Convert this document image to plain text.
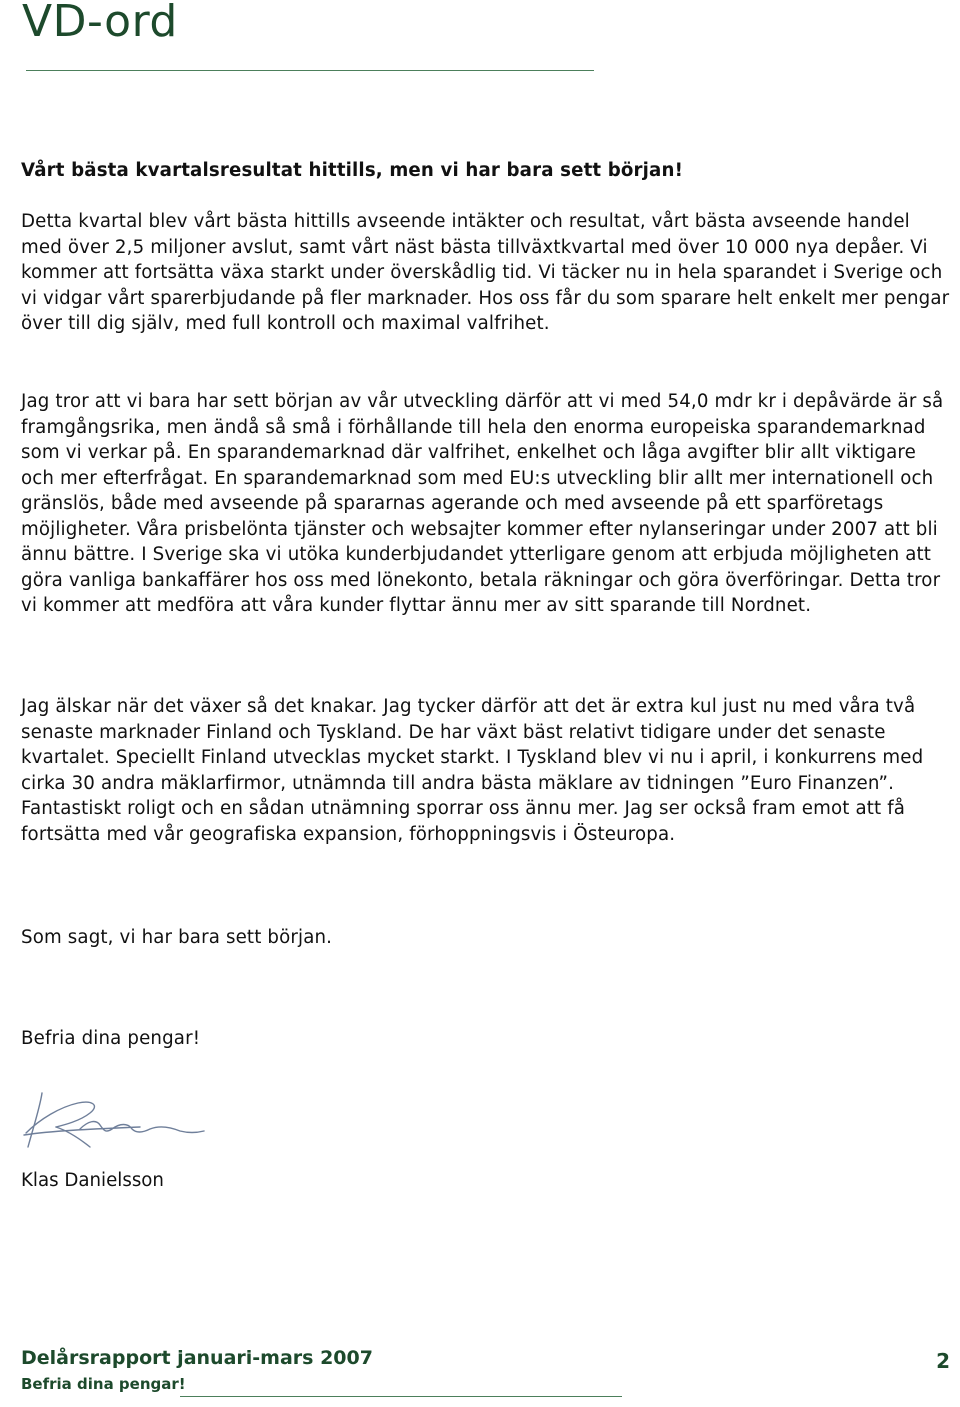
VD-ord

Vårt bästa kvartalsresultat hittills, men vi har bara sett början!

Detta kvartal blev vårt bästa hittills avseende intäkter och resultat, vårt bästa avseende handel med över 2,5 miljoner avslut, samt vårt näst bästa tillväxtkvartal med över 10 000 nya depåer. Vi kommer att fortsätta växa starkt under överskådlig tid. Vi täcker nu in hela sparandet i Sverige och vi vidgar vårt sparerbjudande på fler marknader. Hos oss får du som sparare helt enkelt mer pengar över till dig själv, med full kontroll och maximal valfrihet.

Jag tror att vi bara har sett början av vår utveckling därför att vi med 54,0 mdr kr i depåvärde är så framgångsrika, men ändå så små i förhållande till hela den enorma europeiska sparandemarknad som vi verkar på. En sparandemarknad där valfrihet, enkelhet och låga avgifter blir allt viktigare och mer efterfrågat. En sparandemarknad som med EU:s utveckling blir allt mer internationell och gränslös, både med avseende på spararnas agerande och med avseende på ett sparföretags möjligheter. Våra prisbelönta tjänster och websajter kommer efter nylanseringar under 2007 att bli ännu bättre. I Sverige ska vi utöka kunderbjudandet ytterligare genom att erbjuda möjligheten att göra vanliga bankaffärer hos oss med lönekonto, betala räkningar och göra överföringar. Detta tror vi kommer att medföra att våra kunder flyttar ännu mer av sitt sparande till Nordnet.

Jag älskar när det växer så det knakar. Jag tycker därför att det är extra kul just nu med våra två senaste marknader Finland och Tyskland. De har växt bäst relativt tidigare under det senaste kvartalet. Speciellt Finland utvecklas mycket starkt. I Tyskland blev vi nu i april, i konkurrens med cirka 30 andra mäklarfirmor, utnämnda till andra bästa mäklare av tidningen ”Euro Finanzen”. Fantastiskt roligt och en sådan utnämning sporrar oss ännu mer. Jag ser också fram emot att få fortsätta med vår geografiska expansion, förhoppningsvis i Östeuropa.

Som sagt, vi har bara sett början.

Befria dina pengar!

Klas Danielsson

Delårsrapport januari-mars 2007

Befria dina pengar!

2
